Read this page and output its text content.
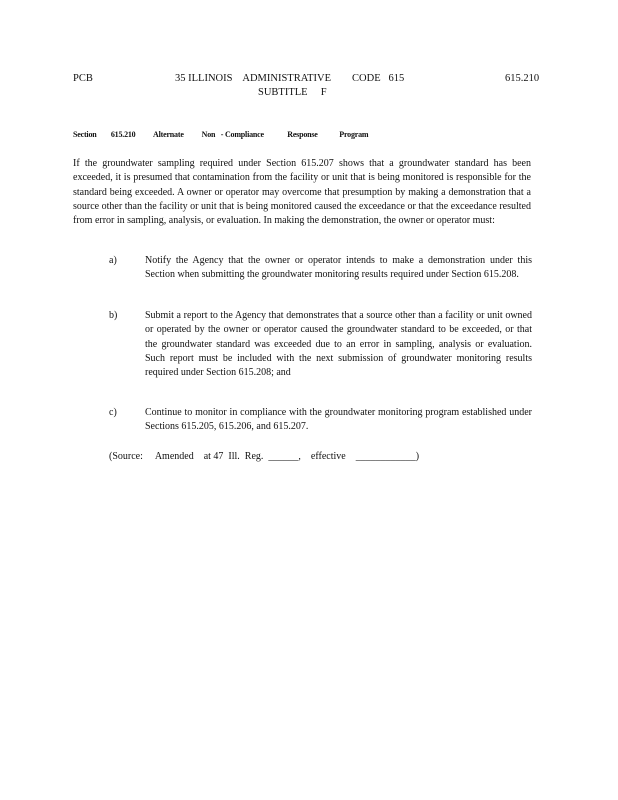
PCB	35 ILLINOIS    ADMINISTRATIVE        CODE   615
SUBTITLE     F
615.210
Section        615.210          Alternate          Non   - Compliance             Response            Program
If the groundwater sampling required under Section 615.207 shows that a groundwater standard has been exceeded, it is presumed that contamination from the facility or unit that is being monitored is responsible for the standard being exceeded. A owner or operator may overcome that presumption by making a demonstration that a source other than the facility or unit that is being monitored caused the exceedance or that the exceedance resulted from error in sampling, analysis, or evaluation. In making the demonstration, the owner or operator must:
a)	Notify the Agency that the owner or operator intends to make a demonstration under this Section when submitting the groundwater monitoring results required under Section 615.208.
b)	Submit a report to the Agency that demonstrates that a source other than a facility or unit owned or operated by the owner or operator caused the groundwater standard to be exceeded, or that the groundwater standard was exceeded due to an error in sampling, analysis or evaluation. Such report must be included with the next submission of groundwater monitoring results required under Section 615.208; and
c)	Continue to monitor in compliance with the groundwater monitoring program established under Sections 615.205, 615.206, and 615.207.
(Source:     Amended    at 47  Ill.  Reg.  ______,    effective    ____________)
